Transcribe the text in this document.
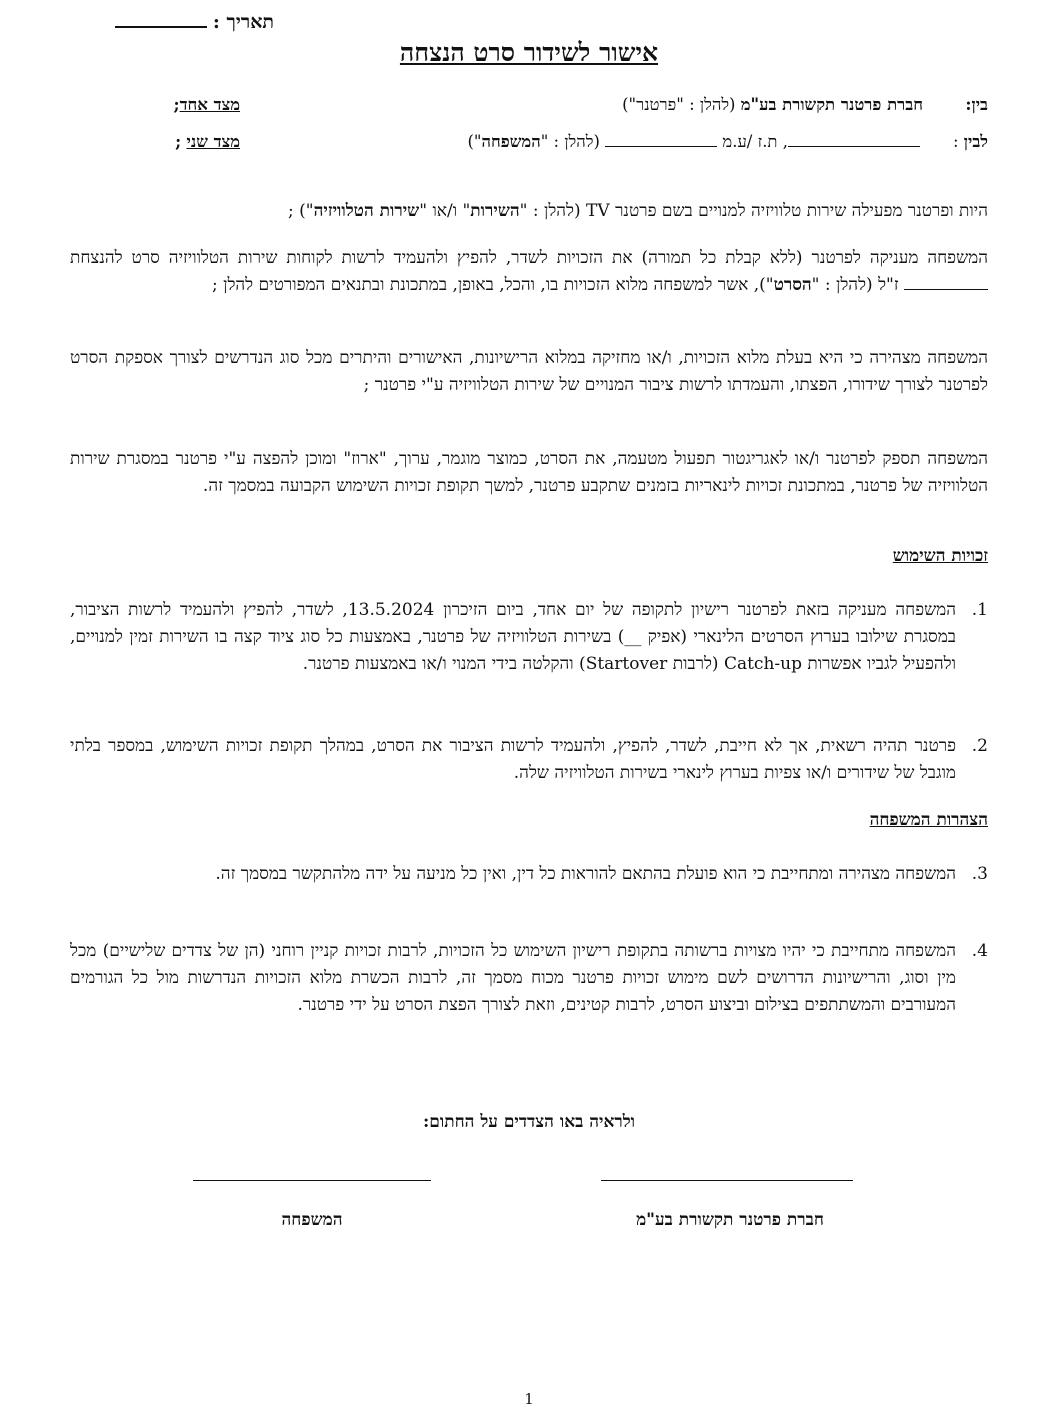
תאריך :
אישור לשידור סרט הנצחה
בין:
חברת פרטנר תקשורת בע"מ (להלן : "פרטנר")
מצד אחד;
לבין :
, ת.ז /ע.מ  (להלן : "המשפחה")
מצד שני ;
היות ופרטנר מפעילה שירות טלוויזיה למנויים בשם פרטנר TV (להלן : "השירות" ו/או "שירות הטלוויזיה") ;
המשפחה מעניקה לפרטנר (ללא קבלת כל תמורה) את הזכויות לשדר, להפיץ ולהעמיד לרשות לקוחות שירות הטלוויזיה סרט להנצחת  ז"ל (להלן : "הסרט"), אשר למשפחה מלוא הזכויות בו, והכל, באופן, במתכונת ובתנאים המפורטים להלן ;
המשפחה מצהירה כי היא בעלת מלוא הזכויות, ו/או מחזיקה במלוא הרישיונות, האישורים והיתרים מכל סוג הנדרשים לצורך אספקת הסרט לפרטנר לצורך שידורו, הפצתו, והעמדתו לרשות ציבור המנויים של שירות הטלוויזיה ע"י פרטנר ;
המשפחה תספק לפרטנר ו/או לאגריגטור תפעול מטעמה, את הסרט, כמוצר מוגמר, ערוך, "ארוז" ומוכן להפצה ע"י פרטנר במסגרת שירות הטלוויזיה של פרטנר, במתכונת זכויות לינאריות בזמנים שתקבע פרטנר, למשך תקופת זכויות השימוש הקבועה במסמך זה.
זכויות השימוש
1.
המשפחה מעניקה בזאת לפרטנר רישיון לתקופה של יום אחד, ביום הזיכרון 13.5.2024, לשדר, להפיץ ולהעמיד לרשות הציבור, במסגרת שילובו בערוץ הסרטים הלינארי (אפיק __) בשירות הטלוויזיה של פרטנר, באמצעות כל סוג ציוד קצה בו השירות זמין למנויים, ולהפעיל לגביו אפשרות Catch-up (לרבות Startover) והקלטה בידי המנוי ו/או באמצעות פרטנר.
2.
פרטנר תהיה רשאית, אך לא חייבת, לשדר, להפיץ, ולהעמיד לרשות הציבור את הסרט, במהלך תקופת זכויות השימוש, במספר בלתי מוגבל של שידורים ו/או צפיות בערוץ לינארי בשירות הטלוויזיה שלה.
הצהרות המשפחה
3.
המשפחה מצהירה ומתחייבת כי הוא פועלת בהתאם להוראות כל דין, ואין כל מניעה על ידה מלהתקשר במסמך זה.
4.
המשפחה מתחייבת כי יהיו מצויות ברשותה בתקופת רישיון השימוש כל הזכויות, לרבות זכויות קניין רוחני (הן של צדדים שלישיים) מכל מין וסוג, והרישיונות הדרושים לשם מימוש זכויות פרטנר מכוח מסמך זה, לרבות הכשרת מלוא הזכויות הנדרשות מול כל הגורמים המעורבים והמשתתפים בצילום וביצוע הסרט, לרבות קטינים, וזאת לצורך הפצת הסרט על ידי פרטנר.
ולראיה באו הצדדים על החתום:
המשפחה	חברת פרטנר תקשורת בע"מ
1
